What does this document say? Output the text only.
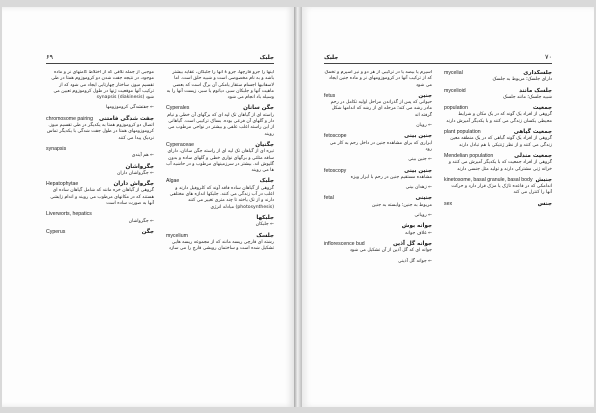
۶۹	جلبک
اینها را جزو قارچها، جزو ۀ آنها را جلبکان، عقاید بیشتر باشد و به نام مخصوصی است و شبیه حلق است. اما لاسفانیها اجسام ستقار یامکی آن برگ است که بعضی ماهیت آنها و جلبکان سبز، دیاتوم یا سبز، زیست آنها را به وسیله باد انجام می شود
جگن سانان
Cyperales
راسته ای از گیاهان تک لپه ای که برگهای آن خطی و نیام دار و گلهای آن فرعی بوده. بساک ترکیبی است. گیاهانی از این راسته اغلب علفی و بیشتر در نواحی مرطوب می رویند
جگنیان
Cyperaceae
تیره ای از گیاهان تک لپه ای از راسته جگن سانان، دارای ساقه مثلثی و برگهای نواری خطی و گلهای ساده و بدون گلپوش اند. بیشتر در سرزمینهای مرطوب و در حاشیه آب ها می رویند
جلبک
Algae
گروهی از گیاهان ساده فاقد آوند که کلروفیل دارند و اغلب در آب زندگی می کنند. جلبکها اندازه های مختلفی دارند و از تک یاخته تا چند متری تغییر می کنند (photosynthesis) مبادله انرژی
جلبکها
← جلبکان
جلسک
mycelium
رشته ای قارچی ریسه مانند که از مجموعه ریسه هایی تشکیل شده است و ساختمان رویشی قارچ را می سازد
موجبی از جمله تلاقی که از اختلاط گامتهای نر و ماده موجود، در نتیجه جفت شدن دو کروموزوم همتا در طی تقسیم میوز، ساختار چهارتایی ایجاد می شود که از ترکیب آنها موقعیت ژنها در طول کروموزوم تعیین می شود (diakinesis) synapsis
← جفتشدگی کروموزومها
جفت شدگی فامتنی
chromosome pairing
اتصال دو کروموزوم همتا به یکدیگر در طی تقسیم میوز. کروموزومهای همتا در طول جفت شدگی با یکدیگر تماس نزدیک پیدا می کنند
synapsis
← هم آیندی
جگرواشان
← جگرواشان داران
جگرواش داران
Hepatophytae
گروهی از گیاهان خزه مانند که شامل گیاهان ساده ای هستند که در مکانهای مرطوب می رویند و اندام زایشی آنها به صورت ساده است
Liverworts, hepatics
← جگرواشان
جگن
Cyperus
جلبک	۷۰
جلسکداری
mycelial
دارای جلسک؛ مربوط به جلسک
جلسک مانند
mycelioid
شبیه جلسک؛ مانند جلسک
جمعیت
population
گروهی از افراد یک گونه که در یک مکان و شرایط محیطی یکسان زندگی می کنند و با یکدیگر آمیزش دارند
جمعیت گیاهی
plant population
گروهی از افراد یک گونه گیاهی که در یک منطقه معین زندگی می کنند و از نظر ژنتیکی با هم تبادل دارند
جمعیت مندلی
Mendelian population
گروهی از افراد جمعیت که با یکدیگر آمیزش می کنند و خزانه ژنی مشترکی دارند و تولید مثل جنسی دارند
جنبش
kinetosome, basal granule, basal body
اندامکی که در قاعده تاژک یا مژک قرار دارد و حرکت آنها را کنترل می کند
جنس
sex
اسپرم یا بیضه یا در ترکیبی از هر دو و نیز اسپرم و تخمک که از ترکیب آنها در کروموزومهای نر و ماده جنین ایجاد می شود
جنین
fetus
حیوانی که پس از گذراندن مراحل اولیه تکامل در رحم مادر رشد می کند؛ مرحله ای از رشد که اندامها شکل گرفته اند
← رویان
جنین بینی
fetoscope
ابزاری که برای مشاهده جنین در داخل رحم به کار می رود
← جنین بینی
جنین بینی
fetoscopy
مشاهده مستقیم جنین در رحم با ابزار ویژه
← زهدان بینی
جنینی
fetal
مربوط به جنین؛ وابسته به جنین
← رویانی
جوانه بوش
← غلاف جوانه
جوانه گل آذین
inflorescence bud
جوانه ای که گل آذین از آن تشکیل می شود
← جوانه گل آذینی
